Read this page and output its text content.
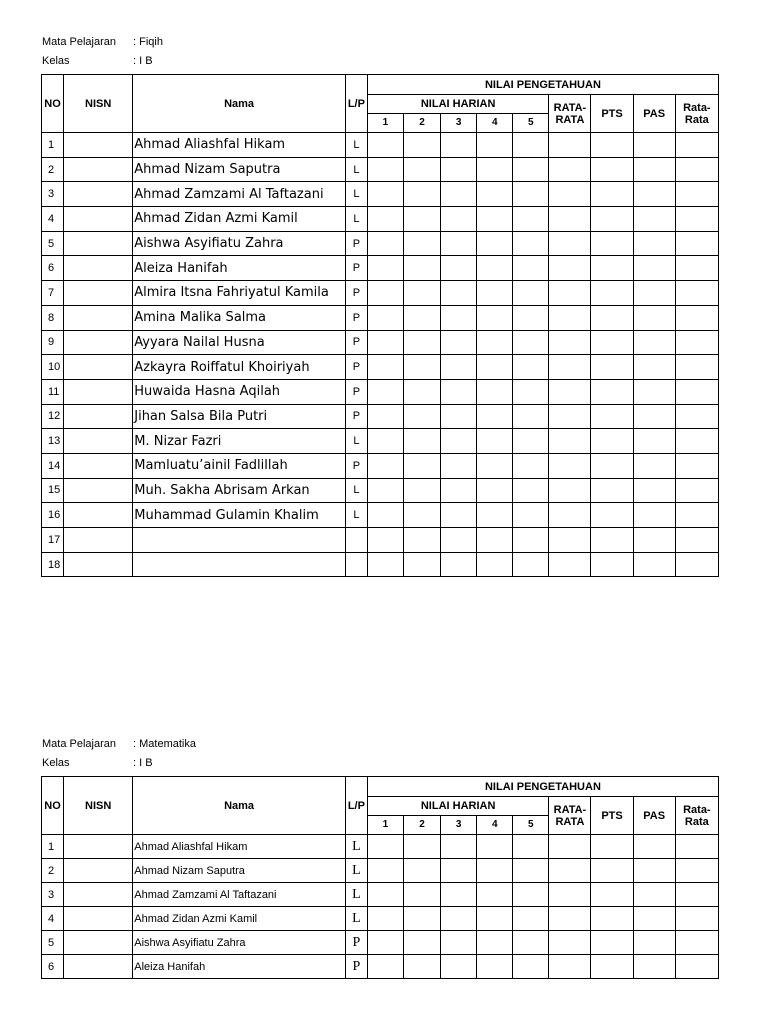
Mata Pelajaran : Fiqih
Kelas	: I B
NO	NISN	Nama	L/P	NILAI PENGETAHUAN								
				NILAI HARIAN					RATA-RATA	PTS	PAS	Rata-Rata
				1	2	3	4	5				
1		Ahmad Aliashfal Hikam	L									
2		Ahmad Nizam Saputra	L									
3		Ahmad Zamzami Al Taftazani	L									
4		Ahmad Zidan Azmi Kamil	L									
5		Aishwa Asyifiatu Zahra	P									
6		Aleiza Hanifah	P									
7		Almira Itsna Fahriyatul Kamila	P									
8		Amina Malika Salma	P									
9		Ayyara Nailal Husna	P									
10		Azkayra Roiffatul Khoiriyah	P									
11		Huwaida Hasna Aqilah	P									
12		Jihan Salsa Bila Putri	P									
13		M. Nizar Fazri	L									
14		Mamluatu’ainil Fadlillah	P									
15		Muh. Sakha Abrisam Arkan	L									
16		Muhammad Gulamin Khalim	L									
17												
18												
Mata Pelajaran : Matematika
Kelas	: I B
NO	NISN	Nama	L/P	NILAI PENGETAHUAN								
				NILAI HARIAN					RATA-RATA	PTS	PAS	Rata-Rata
				1	2	3	4	5				
1		Ahmad Aliashfal Hikam	L									
2		Ahmad Nizam Saputra	L									
3		Ahmad Zamzami Al Taftazani	L									
4		Ahmad Zidan Azmi Kamil	L									
5		Aishwa Asyifiatu Zahra	P									
6		Aleiza Hanifah	P									
